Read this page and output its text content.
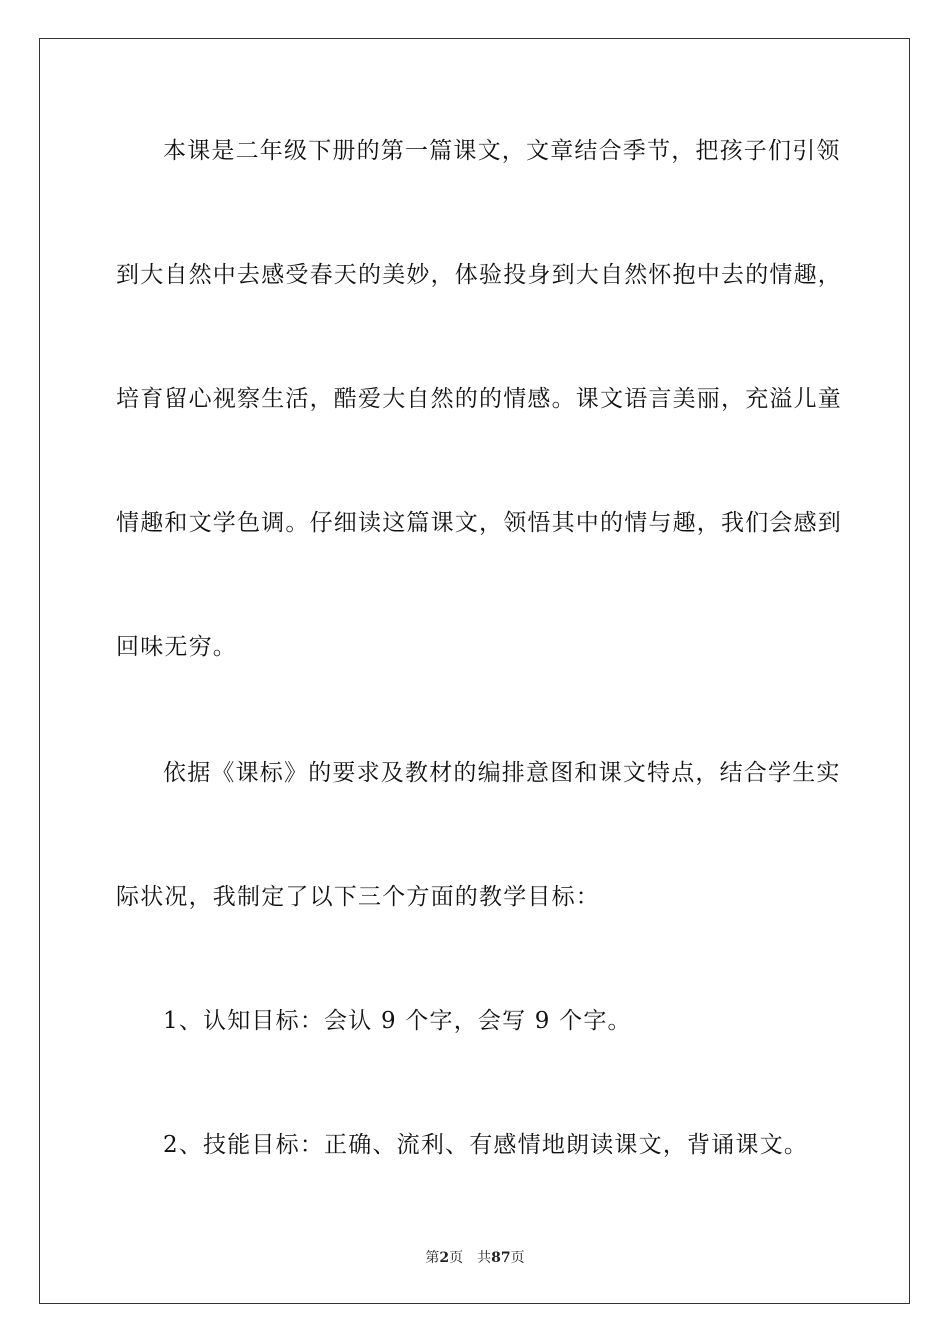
本课是二年级下册的第一篇课文，文章结合季节，把孩子们引领
到大自然中去感受春天的美妙，体验投身到大自然怀抱中去的情趣，
培育留心视察生活，酷爱大自然的的情感。课文语言美丽，充溢儿童
情趣和文学色调。仔细读这篇课文，领悟其中的情与趣，我们会感到
回味无穷。
依据《课标》的要求及教材的编排意图和课文特点，结合学生实
际状况，我制定了以下三个方面的教学目标：
1、认知目标：会认 9 个字，会写 9 个字。
2、技能目标：正确、流利、有感情地朗读课文，背诵课文。
第2页 共87页
